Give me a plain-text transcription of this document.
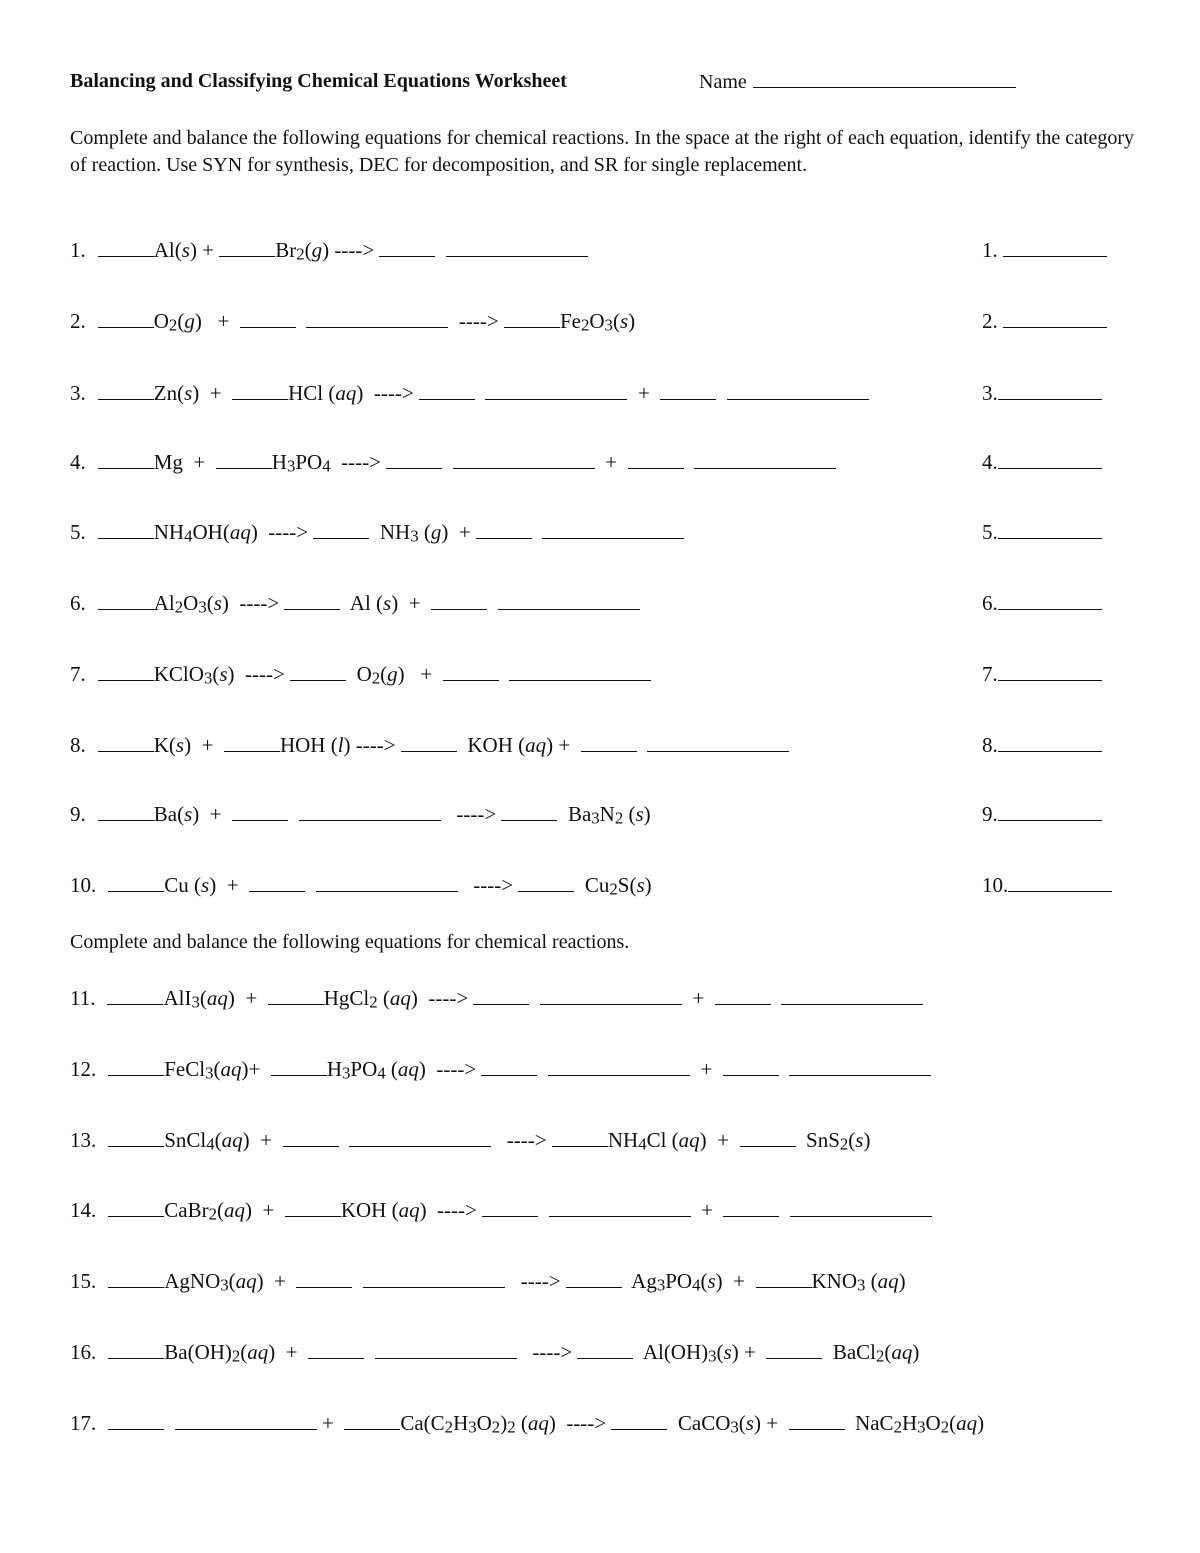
Balancing and Classifying Chemical Equations Worksheet	Name
Complete and balance the following equations for chemical reactions. In the space at the right of each equation, identify the category of reaction. Use SYN for synthesis, DEC for decomposition, and SR for single replacement.
1.	Al(s) +	$Br_2(g)$ ---->	1.
2.	$O_2(g)$   +	---->	$Fe_2O_3(s)$	2.
3.	Zn(s)  +	HCl (aq)  ---->	+	3.
4.	Mg  +	$H_3PO_4$  ---->	+	4.
5.	$NH_4OH(aq)$  ---->	$NH_3$ (g)  +	5.
6.	$Al_2O_3(s)$  ---->	Al (s)  +	6.
7.	KClO$_3$(s)  ---->	$O_2(g)$   +	7.
8.	K(s)  +	HOH (l) ---->	KOH (aq) +	8.
9.	Ba(s)  +	---->	$Ba_3N_2$ (s)	9.
10.	Cu (s)  +	---->	$Cu_2S(s)$	10.
Complete and balance the following equations for chemical reactions.
11.	AlI$_3$(aq)  +	HgCl$_2$ (aq)  ---->	+
12.	FeCl$_3$(aq)+	$H_3PO_4$ (aq)  ---->	+
13.	SnCl$_4$(aq)  +	---->	$NH_4Cl$ (aq)  +	SnS$_2$(s)
14.	CaBr$_2$(aq)  +	KOH (aq)  ---->	+
15.	AgNO$_3$(aq)  +	---->	$Ag_3PO_4(s)$  +	$KNO_3$ (aq)
16.	$Ba(OH)_2(aq)$  +	---->	$Al(OH)_3(s)$ +	BaCl$_2$(aq)
17.	+	$Ca(C_2H_3O_2)_2$ (aq)  ---->	CaCO$_3$(s) +	$NaC_2H_3O_2(aq)$
